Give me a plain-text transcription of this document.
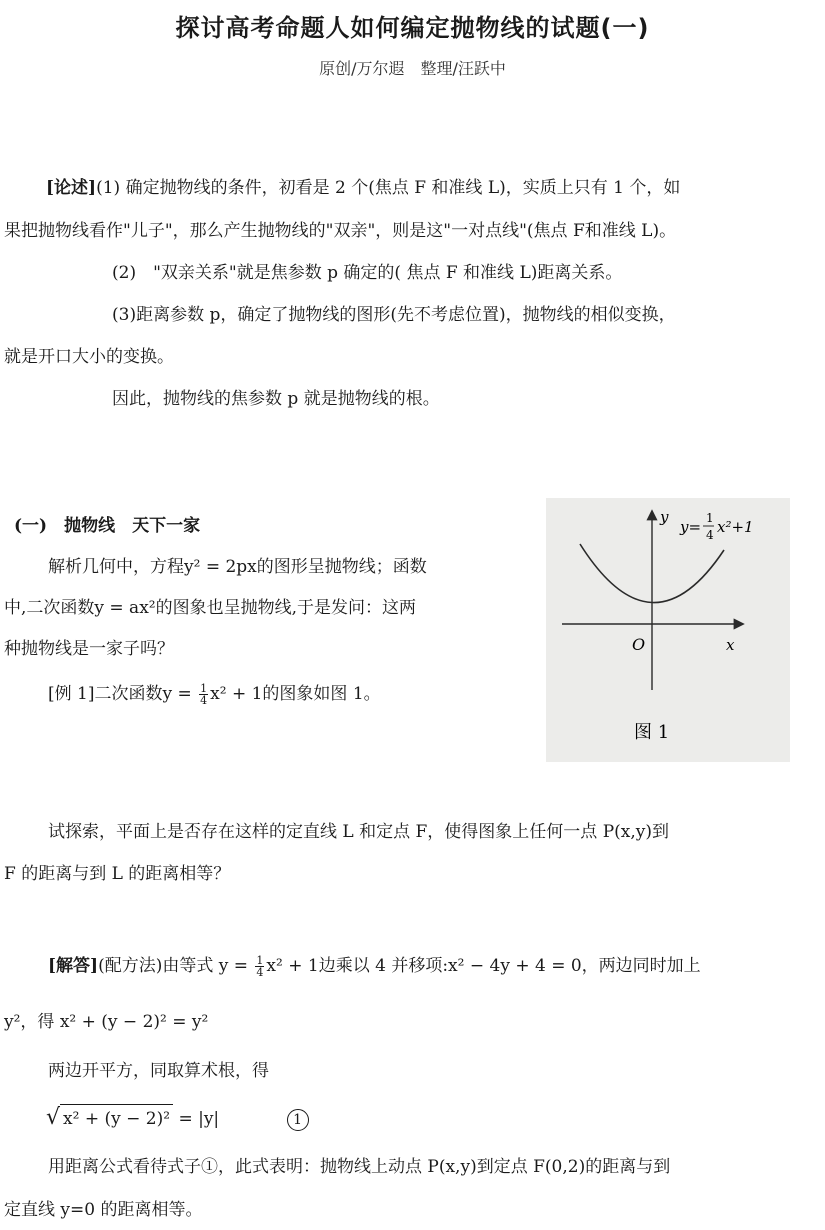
探讨高考命题人如何编定抛物线的试题(一)
原创/万尔遐　整理/汪跃中
[论述](1) 确定抛物线的条件，初看是 2 个(焦点 F 和准线 L)，实质上只有 1 个，如
果把抛物线看作"儿子"，那么产生抛物线的"双亲"，则是这"一对点线"(焦点 F和准线 L)。
(2)　"双亲关系"就是焦参数 p 确定的( 焦点 F 和准线 L)距离关系。
(3)距离参数 p，确定了抛物线的图形(先不考虑位置)，抛物线的相似变换，
就是开口大小的变换。
因此，抛物线的焦参数 p 就是抛物线的根。
(一)　抛物线　天下一家
解析几何中，方程y² = 2px的图形呈抛物线；函数
中,二次函数y = ax²的图象也呈抛物线,于是发问：这两
种抛物线是一家子吗？
[例 1]二次函数$y = \frac{1}{4} x^2 + 1$的图象如图 1。
y
x
O
y= 1
4 x²+1
图 1
试探索，平面上是否存在这样的定直线 L 和定点 F，使得图象上任何一点 P(x,y)到
F 的距离与到 L 的距离相等？
[解答](配方法)由等式 $y = \frac{1}{4} x^2 + 1$边乘以 4 并移项:x² − 4y + 4 = 0，两边同时加上
y²，得 x² + (y − 2)² = y²
两边开平方，同取算术根，得
√ x² + (y − 2)² = |y|	1
用距离公式看待式子①，此式表明：抛物线上动点 P(x,y)到定点 F(0,2)的距离与到
定直线 y=0 的距离相等。
